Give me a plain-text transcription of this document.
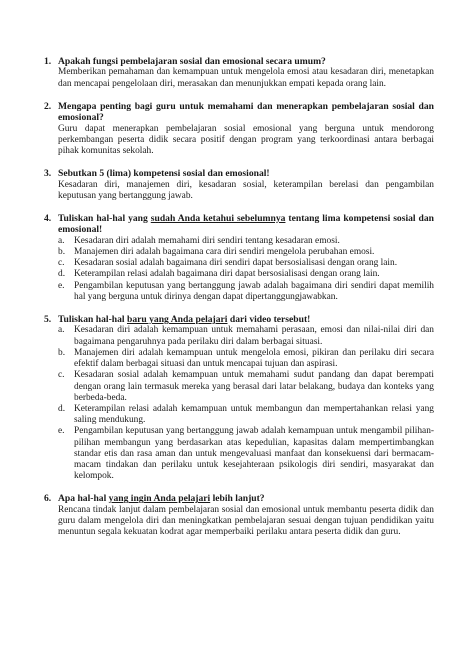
1. Apakah fungsi pembelajaran sosial dan emosional secara umum?
Memberikan pemahaman dan kemampuan untuk mengelola emosi atau kesadaran diri, menetapkan dan mencapai pengelolaan diri, merasakan dan menunjukkan empati kepada orang lain.
2. Mengapa penting bagi guru untuk memahami dan menerapkan pembelajaran sosial dan emosional?
Guru dapat menerapkan pembelajaran sosial emosional yang berguna untuk mendorong perkembangan peserta didik secara positif dengan program yang terkoordinasi antara berbagai pihak komunitas sekolah.
3. Sebutkan 5 (lima) kompetensi sosial dan emosional!
Kesadaran diri, manajemen diri, kesadaran sosial, keterampilan berelasi dan pengambilan keputusan yang bertanggung jawab.
4. Tuliskan hal-hal yang sudah Anda ketahui sebelumnya tentang lima kompetensi sosial dan emosional!
a. Kesadaran diri adalah memahami diri sendiri tentang kesadaran emosi.
b. Manajemen diri adalah bagaimana cara diri sendiri mengelola perubahan emosi.
c. Kesadaran sosial adalah bagaimana diri sendiri dapat bersosialisasi dengan orang lain.
d. Keterampilan relasi adalah bagaimana diri dapat bersosialisasi dengan orang lain.
e. Pengambilan keputusan yang bertanggung jawab adalah bagaimana diri sendiri dapat memilih hal yang berguna untuk dirinya dengan dapat dipertanggungjawabkan.
5. Tuliskan hal-hal baru yang Anda pelajari dari video tersebut!
a. Kesadaran diri adalah kemampuan untuk memahami perasaan, emosi dan nilai-nilai diri dan bagaimana pengaruhnya pada perilaku diri dalam berbagai situasi.
b. Manajemen diri adalah kemampuan untuk mengelola emosi, pikiran dan perilaku diri secara efektif dalam berbagai situasi dan untuk mencapai tujuan dan aspirasi.
c. Kesadaran sosial adalah kemampuan untuk memahami sudut pandang dan dapat berempati dengan orang lain termasuk mereka yang berasal dari latar belakang, budaya dan konteks yang berbeda-beda.
d. Keterampilan relasi adalah kemampuan untuk membangun dan mempertahankan relasi yang saling mendukung.
e. Pengambilan keputusan yang bertanggung jawab adalah kemampuan untuk mengambil pilihan-pilihan membangun yang berdasarkan atas kepedulian, kapasitas dalam mempertimbangkan standar etis dan rasa aman dan untuk mengevaluasi manfaat dan konsekuensi dari bermacam-macam tindakan dan perilaku untuk kesejahteraan psikologis diri sendiri, masyarakat dan kelompok.
6. Apa hal-hal yang ingin Anda pelajari lebih lanjut?
Rencana tindak lanjut dalam pembelajaran sosial dan emosional untuk membantu peserta didik dan guru dalam mengelola diri dan meningkatkan pembelajaran sesuai dengan tujuan pendidikan yaitu menuntun segala kekuatan kodrat agar memperbaiki perilaku antara peserta didik dan guru.
